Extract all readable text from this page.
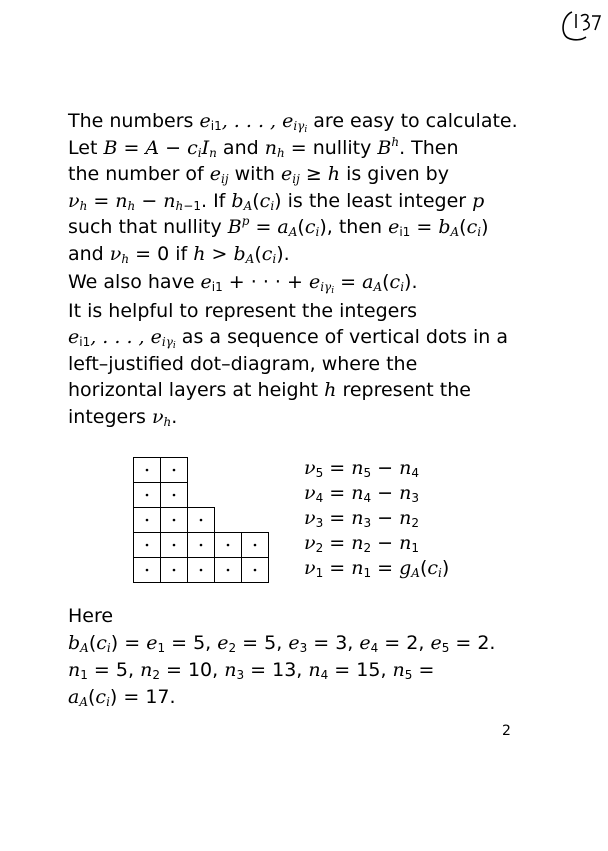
The numbers $e_{i1}$, . . . , $e_{i\gamma_i}$ are easy to calculate.
Let $B = A - c_iI_n$ and $n_h$ = nullity $B^h$. Then
the number of $e_{ij}$ with $e_{ij} \ge h$ is given by
$\nu_h = n_h - n_{h-1}$. If $b_A(c_i)$ is the least integer p
such that nullity $B^p = a_A(c_i)$, then $e_{i1} = b_A(c_i)$
and $\nu_h = 0$ if $h > b_A(c_i)$.
We also have $e_{i1}$ + · · · + $e_{i\gamma_i} = a_A(c_i)$.
It is helpful to represent the integers
$e_{i1}$, . . . , $e_{i\gamma_i}$ as a sequence of vertical dots in a
left–justified dot–diagram, where the
horizontal layers at height h represent the
integers $\nu_h$.
$\nu_5 = n_5 - n_4$
$\nu_4 = n_4 - n_3$
$\nu_3 = n_3 - n_2$
$\nu_2 = n_2 - n_1$
$\nu_1 = n_1 = g_A(c_i)$
Here
$b_A(c_i) = e_1 = 5$, $e_2 = 5$, $e_3 = 3$, $e_4 = 2$, $e_5 = 2$.
$n_1 = 5$, $n_2 = 10$, $n_3 = 13$, $n_4 = 15$, $n_5$ =
$a_A(c_i) = 17$.
2
